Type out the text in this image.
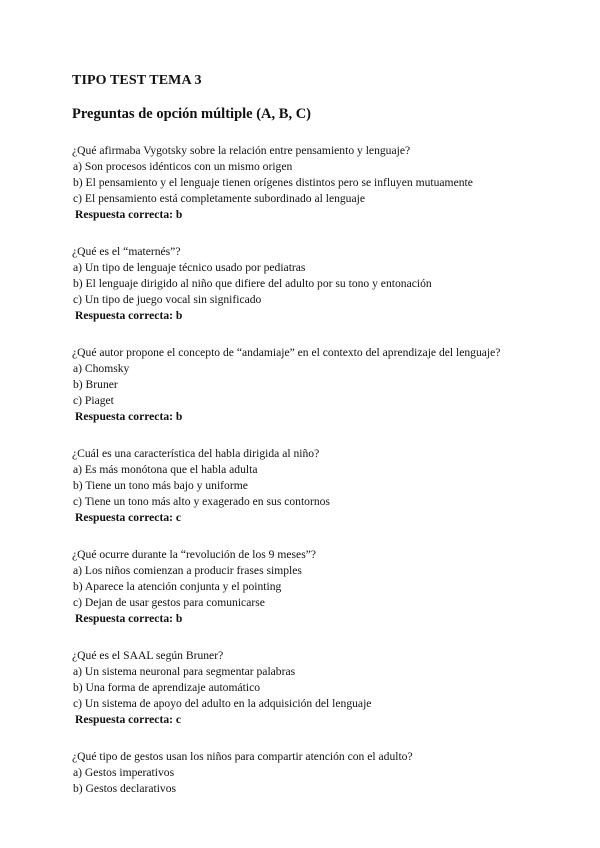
TIPO TEST TEMA 3
Preguntas de opción múltiple (A, B, C)
¿Qué afirmaba Vygotsky sobre la relación entre pensamiento y lenguaje?
a) Son procesos idénticos con un mismo origen
b) El pensamiento y el lenguaje tienen orígenes distintos pero se influyen mutuamente
c) El pensamiento está completamente subordinado al lenguaje
Respuesta correcta: b
¿Qué es el “maternés”?
a) Un tipo de lenguaje técnico usado por pediatras
b) El lenguaje dirigido al niño que difiere del adulto por su tono y entonación
c) Un tipo de juego vocal sin significado
Respuesta correcta: b
¿Qué autor propone el concepto de “andamiaje” en el contexto del aprendizaje del lenguaje?
a) Chomsky
b) Bruner
c) Piaget
Respuesta correcta: b
¿Cuál es una característica del habla dirigida al niño?
a) Es más monótona que el habla adulta
b) Tiene un tono más bajo y uniforme
c) Tiene un tono más alto y exagerado en sus contornos
Respuesta correcta: c
¿Qué ocurre durante la “revolución de los 9 meses”?
a) Los niños comienzan a producir frases simples
b) Aparece la atención conjunta y el pointing
c) Dejan de usar gestos para comunicarse
Respuesta correcta: b
¿Qué es el SAAL según Bruner?
a) Un sistema neuronal para segmentar palabras
b) Una forma de aprendizaje automático
c) Un sistema de apoyo del adulto en la adquisición del lenguaje
Respuesta correcta: c
¿Qué tipo de gestos usan los niños para compartir atención con el adulto?
a) Gestos imperativos
b) Gestos declarativos
